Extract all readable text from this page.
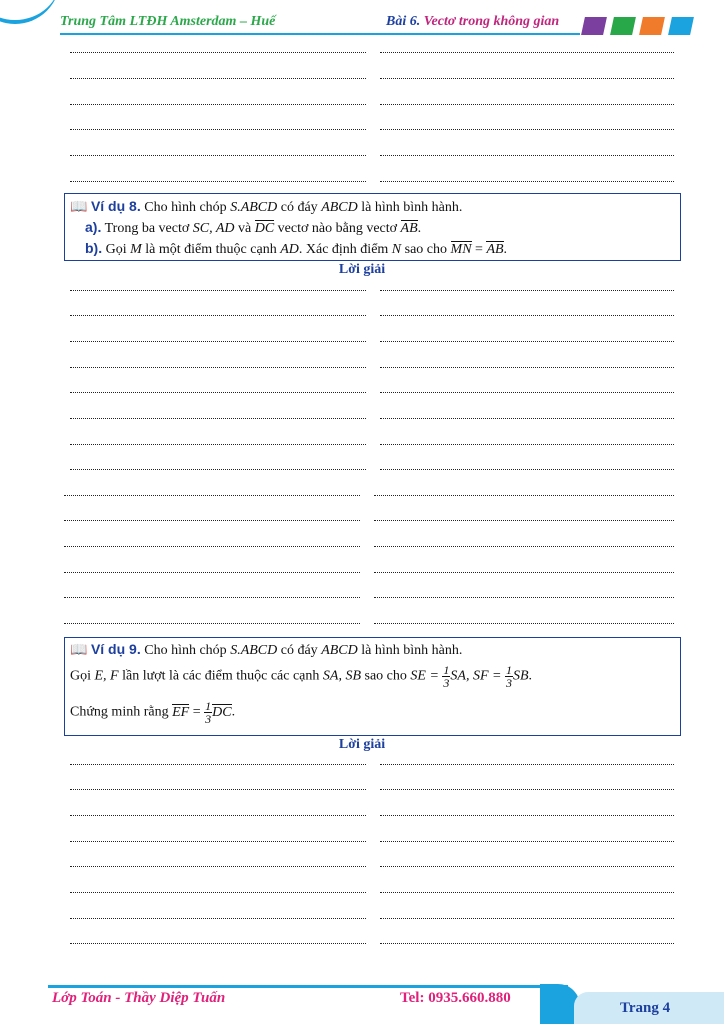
Trung Tâm LTĐH Amsterdam – Huế	Bài 6. Vectơ trong không gian
📖 Ví dụ 8. Cho hình chóp S.ABCD có đáy ABCD là hình bình hành.
a). Trong ba vectơ SC, AD và DC vectơ nào bằng vectơ AB.
b). Gọi M là một điểm thuộc cạnh AD. Xác định điểm N sao cho MN = AB.
Lời giải
📖 Ví dụ 9. Cho hình chóp S.ABCD có đáy ABCD là hình bình hành.
Gọi E, F lần lượt là các điểm thuộc các cạnh SA, SB sao cho SE = $\frac{1}{3}$ SA, SF = $\frac{1}{3}$ SB.
Chứng minh rằng EF = $\frac{1}{3}$ DC.
Lời giải
Lớp Toán - Thầy Diệp Tuấn	Tel: 0935.660.880
Trang 4
